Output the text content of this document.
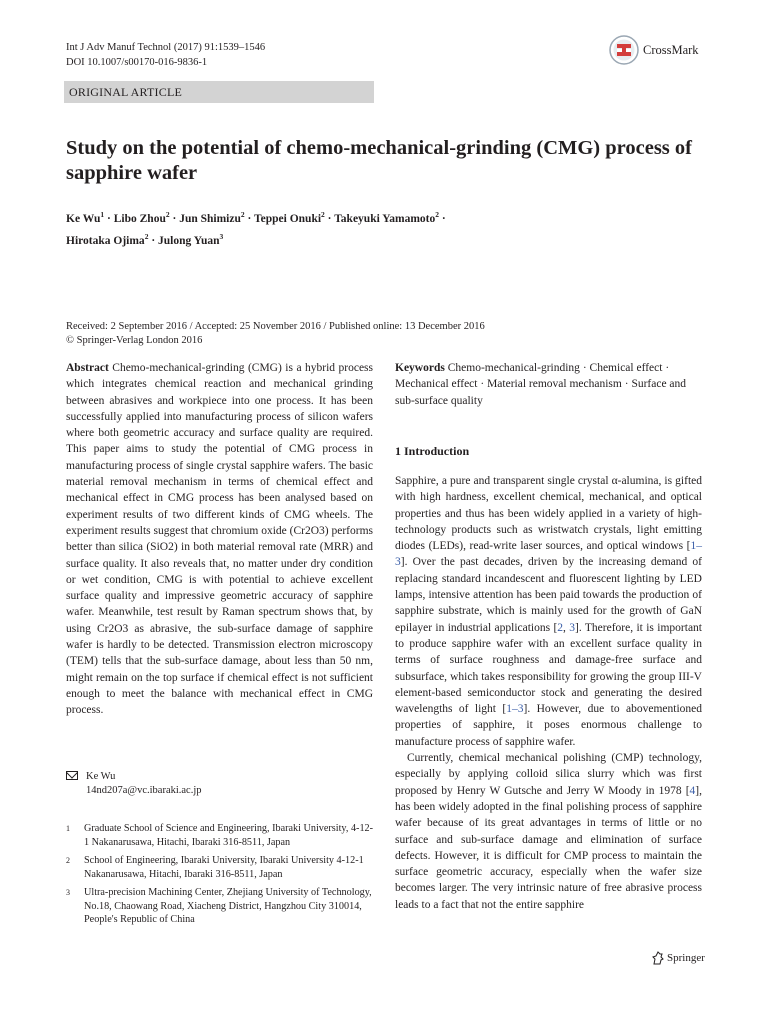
Int J Adv Manuf Technol (2017) 91:1539–1546
DOI 10.1007/s00170-016-9836-1
CrossMark
ORIGINAL ARTICLE
Study on the potential of chemo-mechanical-grinding (CMG) process of sapphire wafer
Ke $Wu^1$ · Libo Zhou$^2$ · Jun Shimizu$^2$ · Teppei Onuki$^2$ · Takeyuki Yamamoto$^2$ ·
Hirotaka Ojima$^2$ · Julong Yuan$^3$
Received: 2 September 2016 / Accepted: 25 November 2016 / Published online: 13 December 2016
© Springer-Verlag London 2016

Abstract Chemo-mechanical-grinding (CMG) is a hybrid process which integrates chemical reaction and mechanical grinding between abrasives and workpiece into one process. It has been successfully applied into manufacturing process of silicon wafers where both geometric accuracy and surface quality are required. This paper aims to study the potential of CMG process in manufacturing process of single crystal sapphire wafers. The basic material removal mechanism in terms of chemical effect and mechanical effect in CMG process has been analysed based on experiment results of two different kinds of CMG wheels. The experiment results suggest that chromium oxide (Cr2O3) performs better than silica (SiO2) in both material removal rate (MRR) and surface quality. It also reveals that, no matter under dry condition or wet condition, CMG is with potential to achieve excellent surface quality and impressive geometric accuracy of sapphire wafer. Meanwhile, test result by Raman spectrum shows that, by using Cr2O3 as abrasive, the sub-surface damage of sapphire wafer is hardly to be detected. Transmission electron microscopy (TEM) tells that the sub-surface damage, about less than 50 nm, might remain on the top surface if chemical effect is not sufficient enough to meet the balance with mechanical effect in CMG process.

Keywords Chemo-mechanical-grinding · Chemical effect · Mechanical effect · Material removal mechanism · Surface and sub-surface quality

1 Introduction

Sapphire, a pure and transparent single crystal α-alumina, is gifted with high hardness, excellent chemical, mechanical, and optical properties and thus has been widely applied in a variety of high-technology products such as wristwatch crystals, light emitting diodes (LEDs), read-write laser sources, and optical windows [1–3]. Over the past decades, driven by the increasing demand of replacing standard incandescent and fluorescent lighting by LED lamps, intensive attention has been paid towards the production of sapphire substrate, which is mainly used for the growth of GaN epilayer in industrial applications [2, 3]. Therefore, it is important to produce sapphire wafer with an excellent surface quality in terms of surface roughness and damage-free surface and subsurface, which takes responsibility for growing the group III-V element-based semiconductor stock and generating the desired wavelengths of light [1–3]. However, due to abovementioned properties of sapphire, it poses enormous challenge to manufacture process of sapphire wafer.

Currently, chemical mechanical polishing (CMP) technology, especially by applying colloid silica slurry which was first proposed by Henry W Gutsche and Jerry W Moody in 1978 [4], has been widely adopted in the final polishing process of sapphire wafer because of its great advantages in terms of little or no surface and sub-surface damage and elimination of surface defects. However, it is difficult for CMP process to maintain the surface geometric accuracy, especially when the wafer size becomes larger. The very intrinsic nature of free abrasive process leads to a fact that not the entire sapphire

Ke Wu
14nd207a@vc.ibaraki.ac.jp
1	Graduate School of Science and Engineering, Ibaraki University, 4-12-1 Nakanarusawa, Hitachi, Ibaraki 316-8511, Japan
2	School of Engineering, Ibaraki University, Ibaraki University 4-12-1 Nakanarusawa, Hitachi, Ibaraki 316-8511, Japan
3	Ultra-precision Machining Center, Zhejiang University of Technology, No.18, Chaowang Road, Xiacheng District, Hangzhou City 310014, People's Republic of China
Springer
